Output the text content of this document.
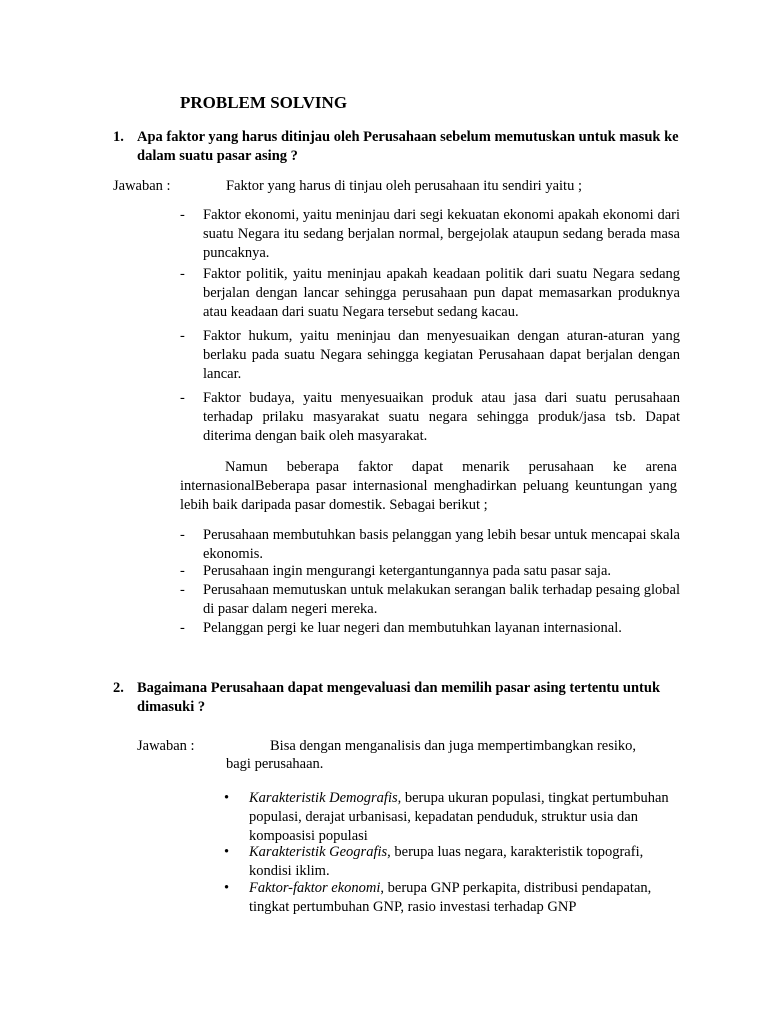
PROBLEM SOLVING
1. Apa faktor yang harus ditinjau oleh Perusahaan sebelum memutuskan untuk masuk ke dalam suatu pasar asing ?
Jawaban :	Faktor yang harus di tinjau oleh perusahaan itu sendiri yaitu ;
- Faktor ekonomi, yaitu meninjau dari segi kekuatan ekonomi apakah ekonomi dari suatu Negara itu sedang berjalan normal, bergejolak ataupun sedang berada masa puncaknya.
- Faktor politik, yaitu meninjau apakah keadaan politik dari suatu Negara sedang berjalan dengan lancar sehingga perusahaan pun dapat memasarkan produknya atau keadaan dari suatu Negara tersebut sedang kacau.
- Faktor hukum, yaitu meninjau dan menyesuaikan dengan aturan-aturan yang berlaku pada suatu Negara sehingga kegiatan Perusahaan dapat berjalan dengan lancar.
- Faktor budaya, yaitu menyesuaikan produk atau jasa dari suatu perusahaan terhadap prilaku masyarakat suatu negara sehingga produk/jasa tsb. Dapat diterima dengan baik oleh masyarakat.
Namun beberapa faktor dapat menarik perusahaan ke arena internasionalBeberapa pasar internasional menghadirkan peluang keuntungan yang lebih baik daripada pasar domestik. Sebagai berikut ;
- Perusahaan membutuhkan basis pelanggan yang lebih besar untuk mencapai skala ekonomis.
- Perusahaan ingin mengurangi ketergantungannya pada satu pasar saja.
- Perusahaan memutuskan untuk melakukan serangan balik terhadap pesaing global di pasar dalam negeri mereka.
- Pelanggan pergi ke luar negeri dan membutuhkan layanan internasional.
2. Bagaimana Perusahaan dapat mengevaluasi dan memilih pasar asing tertentu untuk dimasuki ?
Jawaban :	Bisa dengan menganalisis dan juga mempertimbangkan resiko,
bagi perusahaan.
• Karakteristik Demografis, berupa ukuran populasi, tingkat pertumbuhan populasi, derajat urbanisasi, kepadatan penduduk, struktur usia dan kompoasisi populasi
• Karakteristik Geografis, berupa luas negara, karakteristik topografi, kondisi iklim.
• Faktor-faktor ekonomi, berupa GNP perkapita, distribusi pendapatan, tingkat pertumbuhan GNP, rasio investasi terhadap GNP
